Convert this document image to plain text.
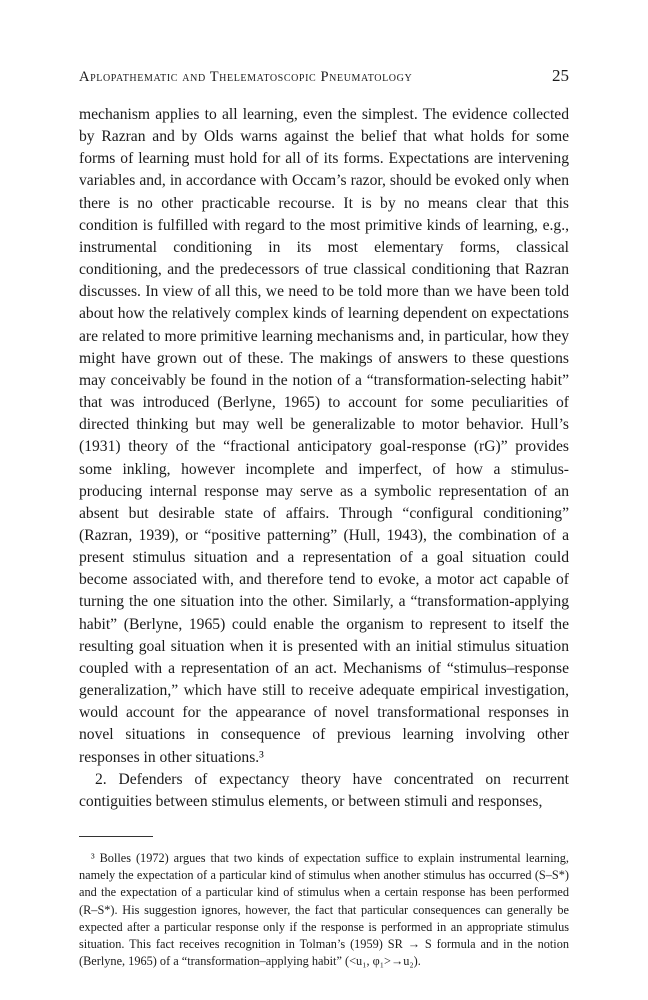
Aplopathematic and Thelematoscopic Pneumatology	25

mechanism applies to all learning, even the simplest. The evidence collected by Razran and by Olds warns against the belief that what holds for some forms of learning must hold for all of its forms. Expectations are intervening variables and, in accordance with Occam’s razor, should be evoked only when there is no other practicable recourse. It is by no means clear that this condition is fulfilled with regard to the most primitive kinds of learning, e.g., instrumental conditioning in its most elementary forms, classical conditioning, and the predecessors of true classical conditioning that Razran discusses. In view of all this, we need to be told more than we have been told about how the relatively complex kinds of learning dependent on expectations are related to more primitive learning mechanisms and, in particular, how they might have grown out of these. The makings of answers to these questions may conceivably be found in the notion of a “transformation-selecting habit” that was introduced (Berlyne, 1965) to account for some peculiarities of directed thinking but may well be generalizable to motor behavior. Hull’s (1931) theory of the “fractional anticipatory goal-response (rG)” provides some inkling, however incomplete and imperfect, of how a stimulus-producing internal response may serve as a symbolic representation of an absent but desirable state of affairs. Through “configural conditioning” (Razran, 1939), or “positive patterning” (Hull, 1943), the combination of a present stimulus situation and a representation of a goal situation could become associated with, and therefore tend to evoke, a motor act capable of turning the one situation into the other. Similarly, a “transformation-applying habit” (Berlyne, 1965) could enable the organism to represent to itself the resulting goal situation when it is presented with an initial stimulus situation coupled with a representation of an act. Mechanisms of “stimulus–response generalization,” which have still to receive adequate empirical investigation, would account for the appearance of novel transformational responses in novel situations in consequence of previous learning involving other responses in other situations.³

2. Defenders of expectancy theory have concentrated on recurrent contiguities between stimulus elements, or between stimuli and responses,

³ Bolles (1972) argues that two kinds of expectation suffice to explain instrumental learning, namely the expectation of a particular kind of stimulus when another stimulus has occurred (S–S*) and the expectation of a particular kind of stimulus when a certain response has been performed (R–S*). His suggestion ignores, however, the fact that particular consequences can generally be expected after a particular response only if the response is performed in an appropriate stimulus situation. This fact receives recognition in Tolman’s (1959) SR → S formula and in the notion (Berlyne, 1965) of a “transformation–applying habit” (<u₁, φ₁>→u₂).
